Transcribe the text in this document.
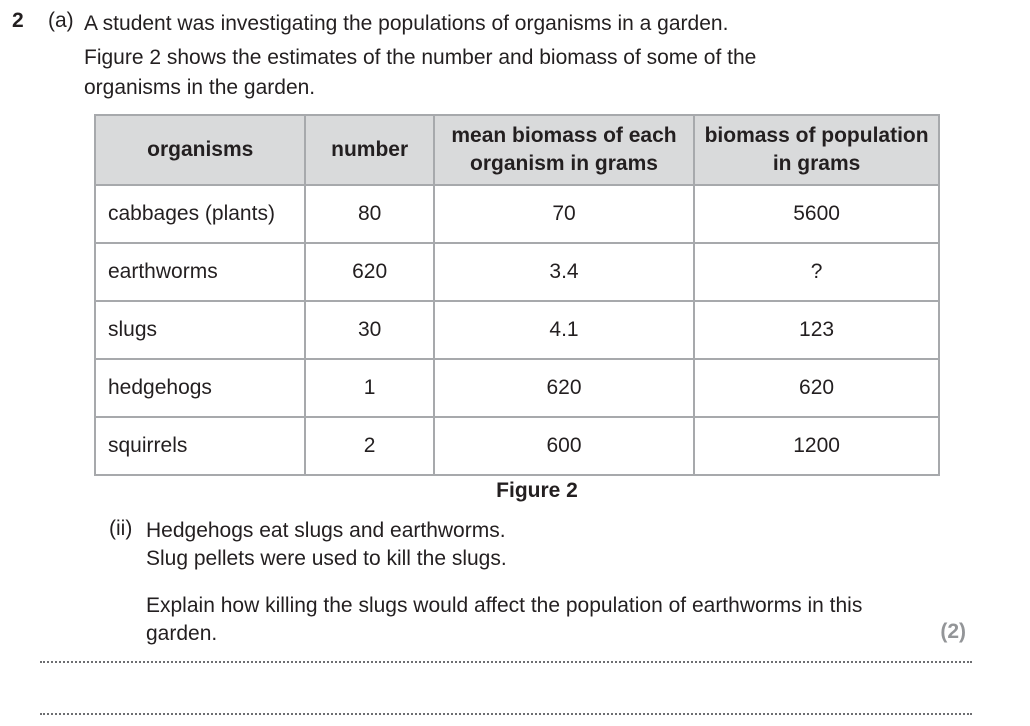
2 (a) A student was investigating the populations of organisms in a garden.
Figure 2 shows the estimates of the number and biomass of some of the organisms in the garden.
organisms	number	mean biomass of each organism in grams	biomass of population in grams
cabbages (plants)	80	70	5600
earthworms	620	3.4	?
slugs	30	4.1	123
hedgehogs	1	620	620
squirrels	2	600	1200
Figure 2
(ii) Hedgehogs eat slugs and earthworms.
Slug pellets were used to kill the slugs.
Explain how killing the slugs would affect the population of earthworms in this garden.	(2)
